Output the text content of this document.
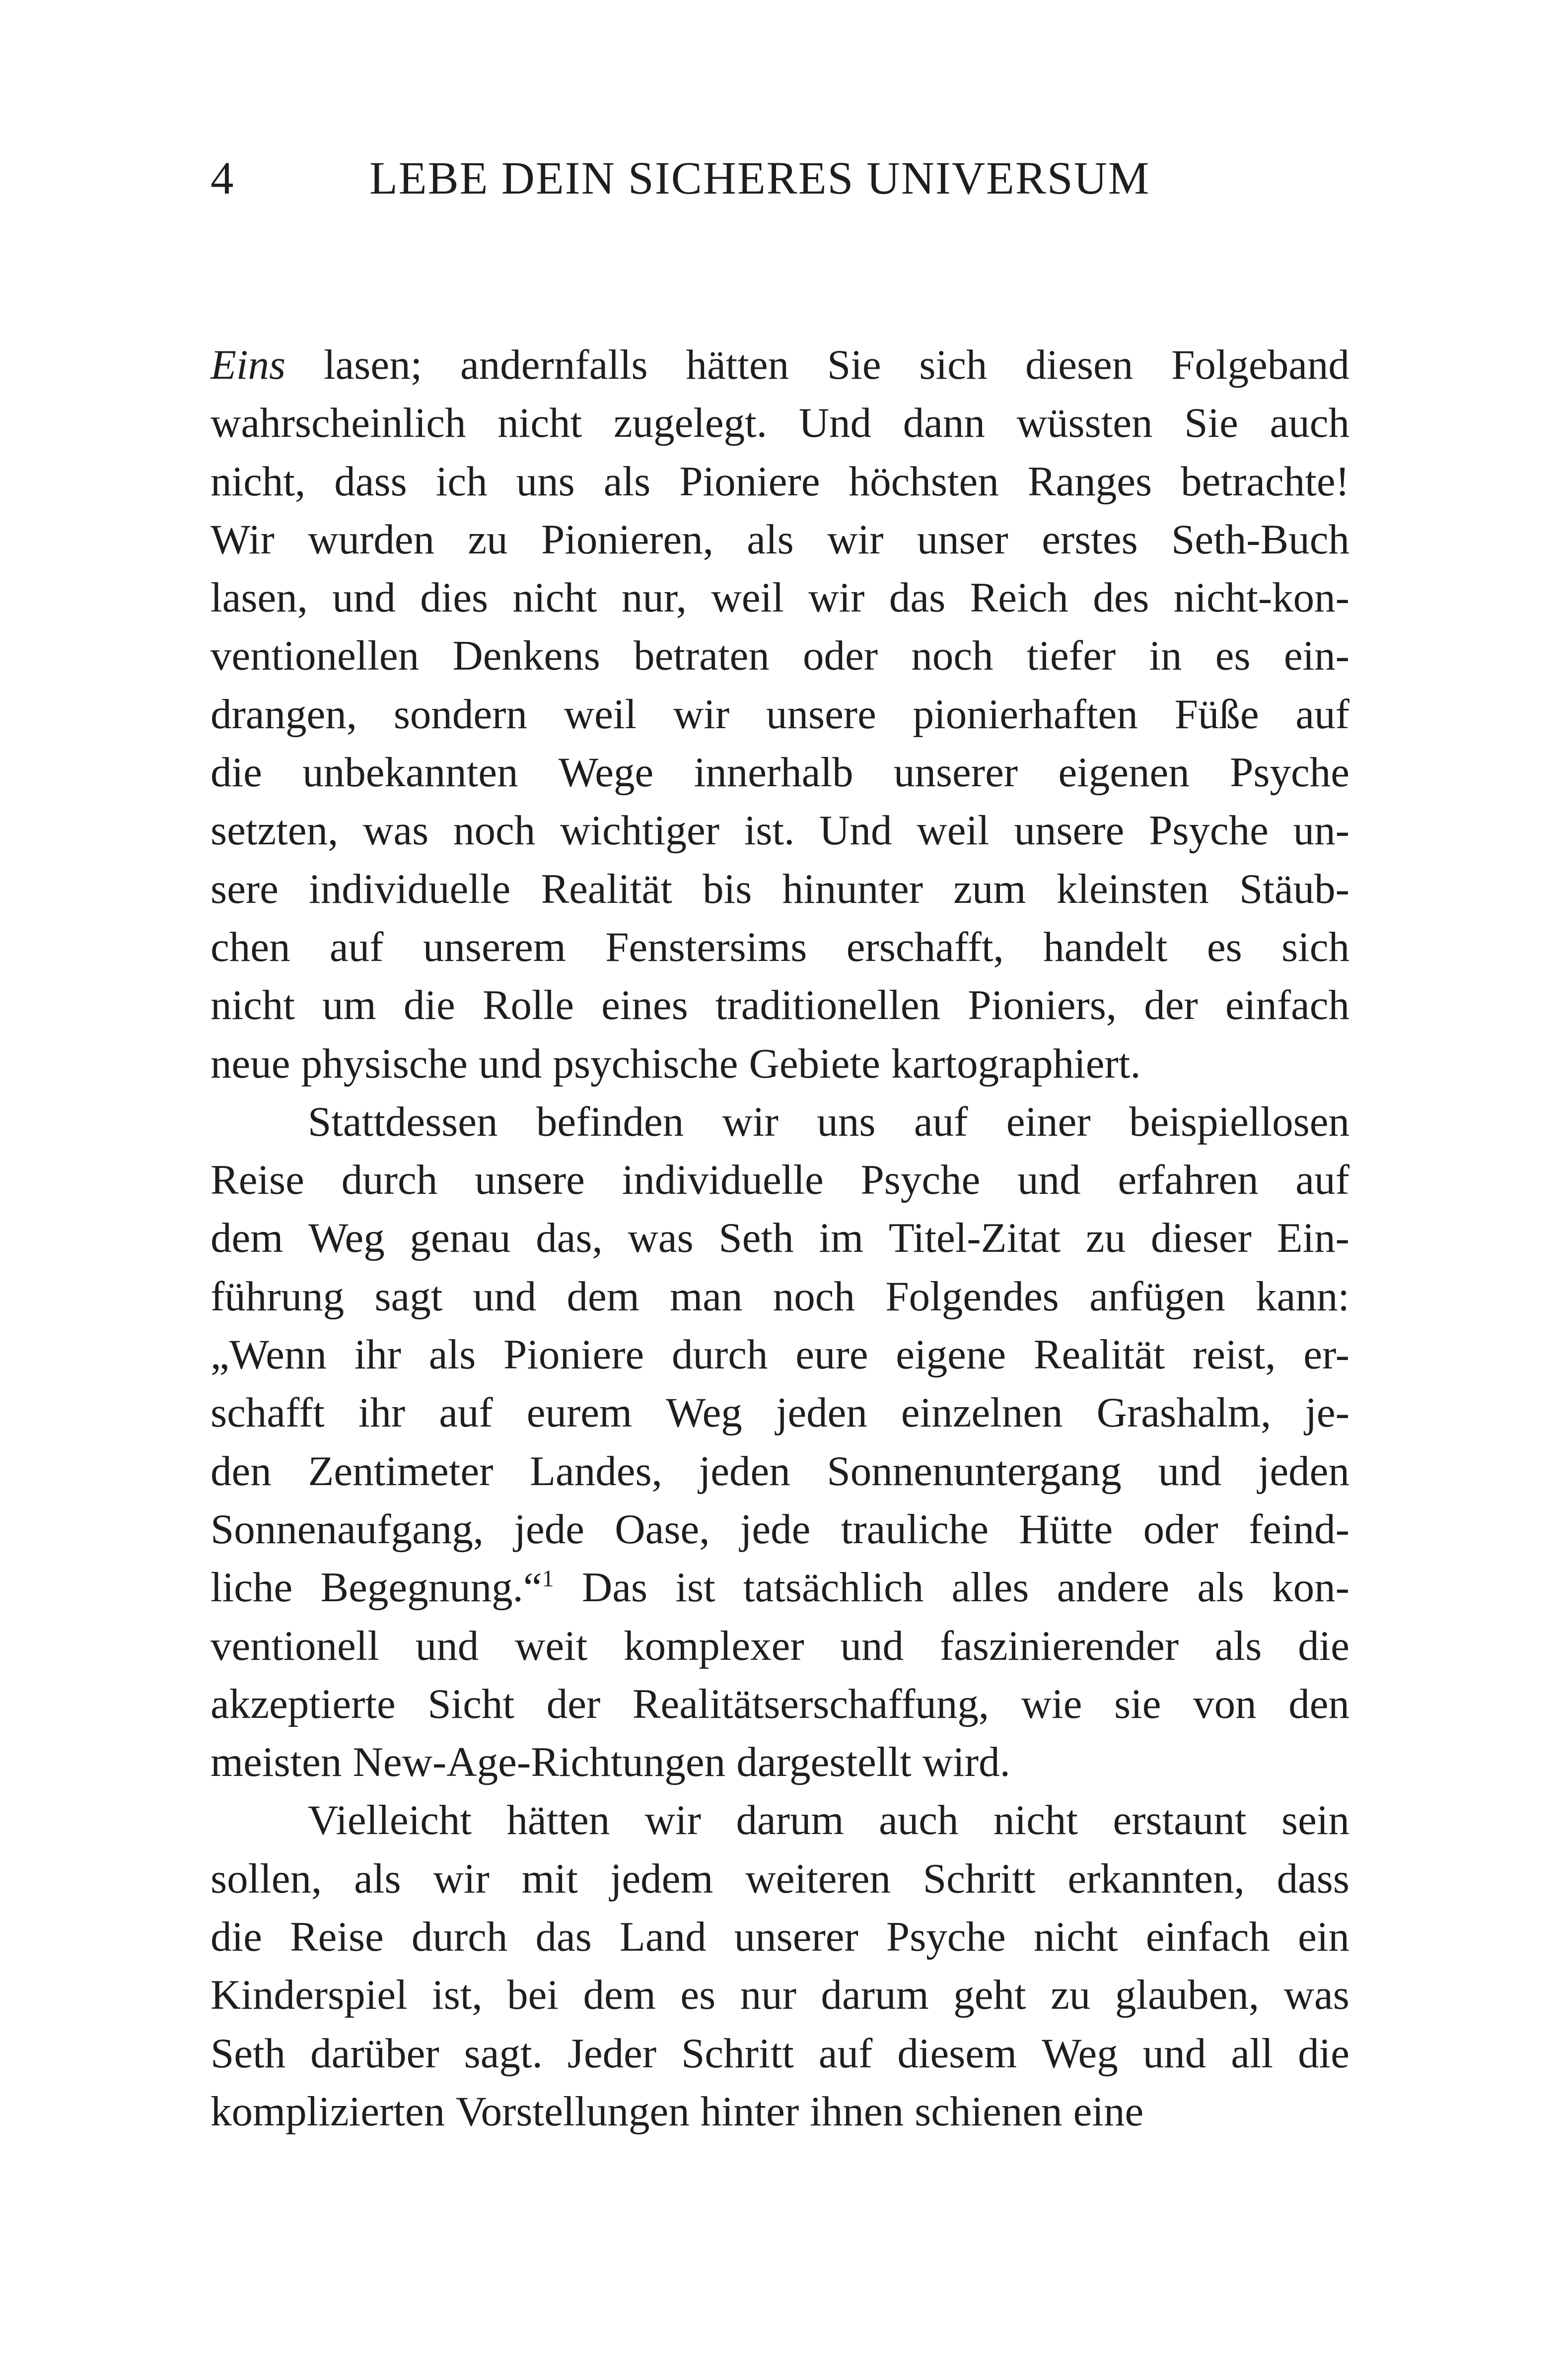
4	LEBE DEIN SICHERES UNIVERSUM
Eins lasen; andernfalls hätten Sie sich diesen Folgeband
wahrscheinlich nicht zugelegt. Und dann wüssten Sie auch
nicht, dass ich uns als Pioniere höchsten Ranges betrachte!
Wir wurden zu Pionieren, als wir unser erstes Seth-Buch
lasen, und dies nicht nur, weil wir das Reich des nicht-kon-
ventionellen Denkens betraten oder noch tiefer in es ein-
drangen, sondern weil wir unsere pionierhaften Füße auf
die unbekannten Wege innerhalb unserer eigenen Psyche
setzten, was noch wichtiger ist. Und weil unsere Psyche un-
sere individuelle Realität bis hinunter zum kleinsten Stäub-
chen auf unserem Fenstersims erschafft, handelt es sich
nicht um die Rolle eines traditionellen Pioniers, der einfach
neue physische und psychische Gebiete kartographiert.
Stattdessen befinden wir uns auf einer beispiellosen
Reise durch unsere individuelle Psyche und erfahren auf
dem Weg genau das, was Seth im Titel-Zitat zu dieser Ein-
führung sagt und dem man noch Folgendes anfügen kann:
„Wenn ihr als Pioniere durch eure eigene Realität reist, er-
schafft ihr auf eurem Weg jeden einzelnen Grashalm, je-
den Zentimeter Landes, jeden Sonnenuntergang und jeden
Sonnenaufgang, jede Oase, jede trauliche Hütte oder feind-
liche Begegnung.“$^1$ Das ist tatsächlich alles andere als kon-
ventionell und weit komplexer und faszinierender als die
akzeptierte Sicht der Realitätserschaffung, wie sie von den
meisten New-Age-Richtungen dargestellt wird.
Vielleicht hätten wir darum auch nicht erstaunt sein
sollen, als wir mit jedem weiteren Schritt erkannten, dass
die Reise durch das Land unserer Psyche nicht einfach ein
Kinderspiel ist, bei dem es nur darum geht zu glauben, was
Seth darüber sagt. Jeder Schritt auf diesem Weg und all die
komplizierten Vorstellungen hinter ihnen schienen eine
